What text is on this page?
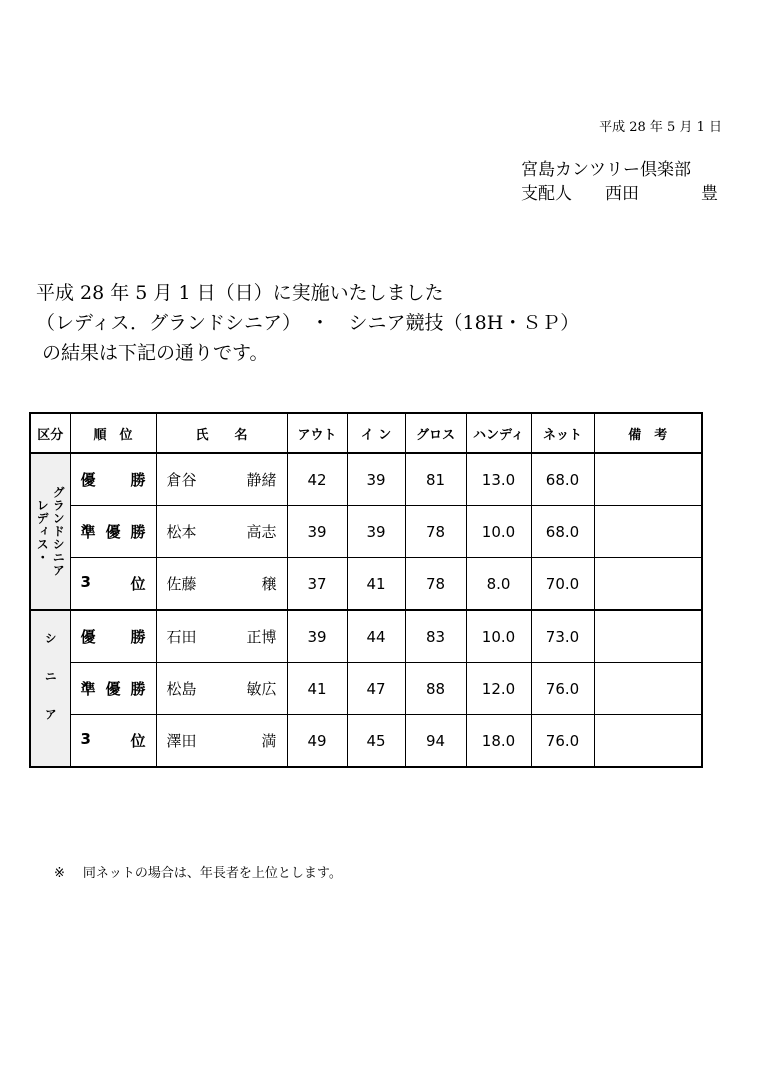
平成 28 年 5 月 1 日
宮島カンツリー倶楽部
支配人	西田	豊
平成 28 年 5 月 1 日（日）に実施いたしました
（レディス．グランドシニア）　・　シニア競技（18H・ＳＰ）
の結果は下記の通りです。
区分	順　位	氏　　名	アウト	イ ン	グロス	ハンディ	ネット	備　考

レディス・ グランドシニア	優 勝	倉谷 静緒	42	39	81	13.0	68.0	

	準 優 勝	松本 高志	39	39	78	10.0	68.0	

	3 位	佐藤 穣	37	41	78	8.0	70.0	

シニア	優 勝	石田 正博	39	44	83	10.0	73.0	

	準 優 勝	松島 敏広	41	47	88	12.0	76.0	

	3 位	澤田 満	49	45	94	18.0	76.0	
※ 同ネットの場合は、年長者を上位とします。
